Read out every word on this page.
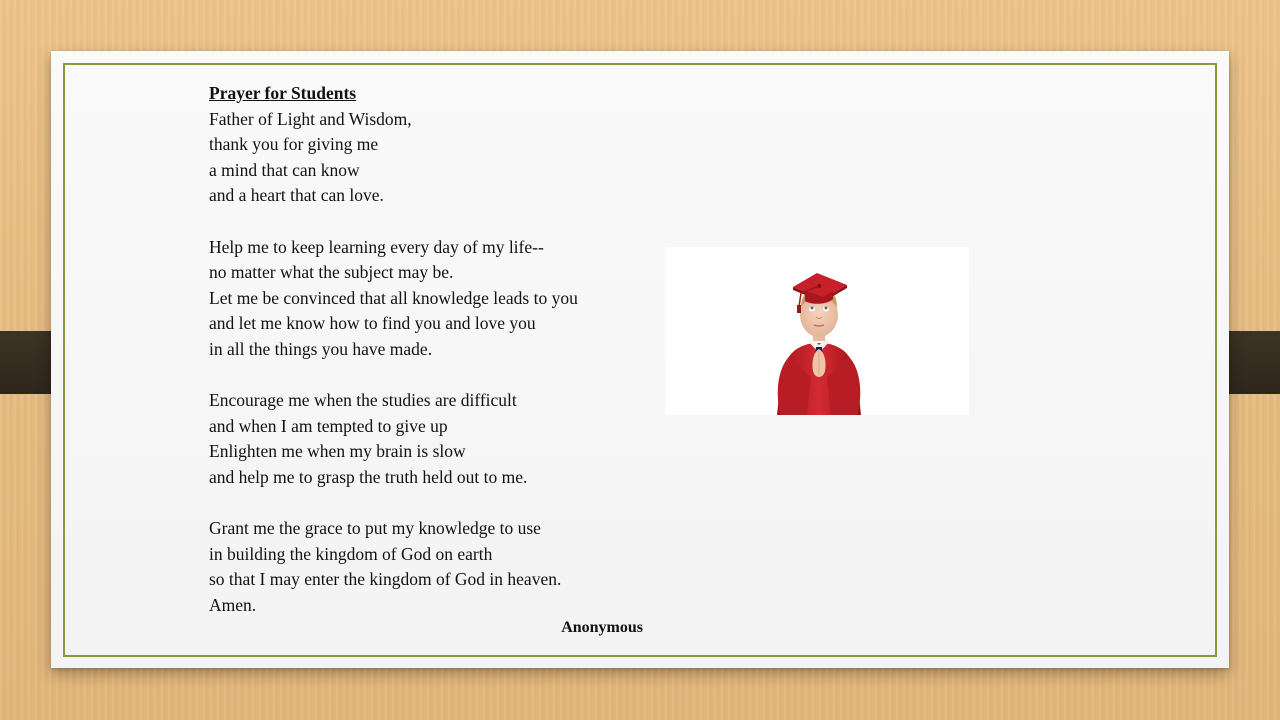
Prayer for Students
Father of Light and Wisdom,
thank you for giving me
a mind that can know
and a heart that can love.
Help me to keep learning every day of my life--
no matter what the subject may be.
Let me be convinced that all knowledge leads to you
and let me know how to find you and love you
in all the things you have made.
Encourage me when the studies are difficult
and when I am tempted to give up
Enlighten me when my brain is slow
and help me to grasp the truth held out to me.
Grant me the grace to put my knowledge to use
in building the kingdom of God on earth
so that I may enter the kingdom of God in heaven.
Amen.
Anonymous
